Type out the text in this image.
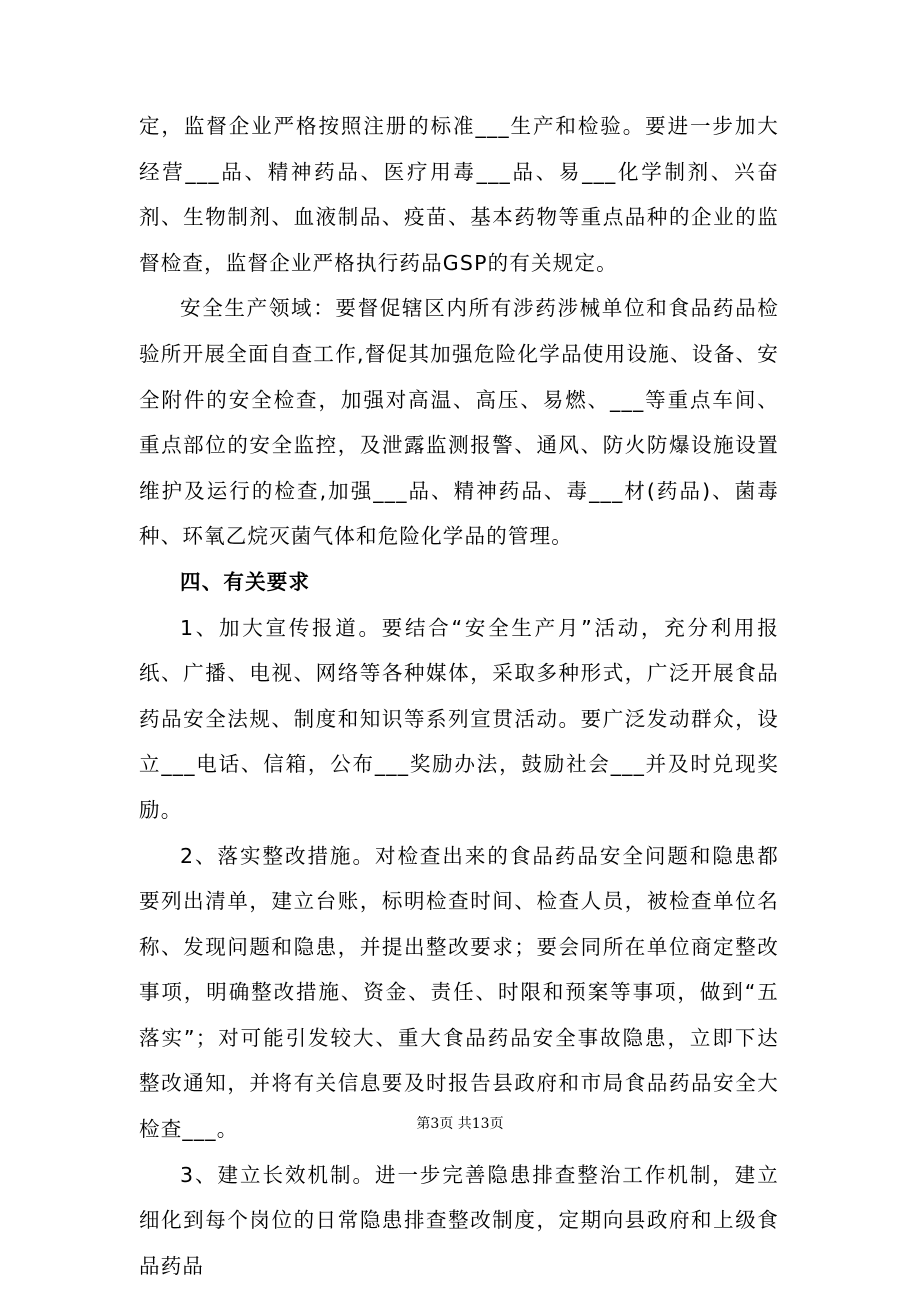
定，监督企业严格按照注册的标准___生产和检验。要进一步加大经营___品、精神药品、医疗用毒___品、易___化学制剂、兴奋剂、生物制剂、血液制品、疫苗、基本药物等重点品种的企业的监督检查，监督企业严格执行药品GSP的有关规定。

安全生产领域：要督促辖区内所有涉药涉械单位和食品药品检验所开展全面自查工作,督促其加强危险化学品使用设施、设备、安全附件的安全检查，加强对高温、高压、易燃、___等重点车间、重点部位的安全监控，及泄露监测报警、通风、防火防爆设施设置维护及运行的检查,加强___品、精神药品、毒___材(药品)、菌毒种、环氧乙烷灭菌气体和危险化学品的管理。

四、有关要求

1、加大宣传报道。要结合“安全生产月”活动，充分利用报纸、广播、电视、网络等各种媒体，采取多种形式，广泛开展食品药品安全法规、制度和知识等系列宣贯活动。要广泛发动群众，设立___电话、信箱，公布___奖励办法，鼓励社会___并及时兑现奖励。

2、落实整改措施。对检查出来的食品药品安全问题和隐患都要列出清单，建立台账，标明检查时间、检查人员，被检查单位名称、发现问题和隐患，并提出整改要求；要会同所在单位商定整改事项，明确整改措施、资金、责任、时限和预案等事项，做到“五落实”；对可能引发较大、重大食品药品安全事故隐患，立即下达整改通知，并将有关信息要及时报告县政府和市局食品药品安全大检查___。

3、建立长效机制。进一步完善隐患排查整治工作机制，建立细化到每个岗位的日常隐患排查整改制度，定期向县政府和上级食品药品

第3页 共13页
